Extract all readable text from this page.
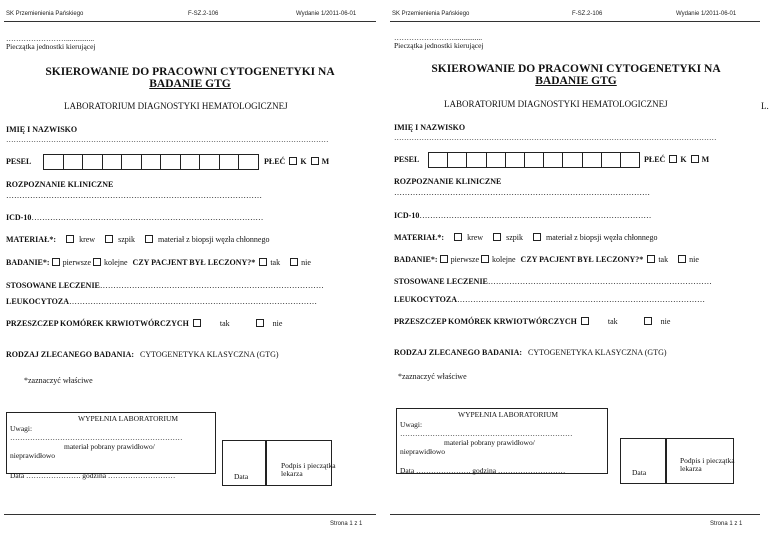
SK Przemienienia Pańskiego	F-SZ.2-106	Wydanie 1/2011-06-01
……………………...............
Pieczątka jednostki kierującej
SKIEROWANIE DO PRACOWNI CYTOGENETYKI NA
BADANIE GTG
LABORATORIUM DIAGNOSTYKI HEMATOLOGICZNEJ
IMIĘ I NAZWISKO
…………………………………………………………………………………………………………………
PESEL	PŁEĆ K M
ROZPOZNANIE KLINICZNE
……………………………………………………………………………………
ICD-10……………………………………………………………………………
MATERIAŁ*:	krew	szpik	materiał z biopsji węzła chłonnego
BADANIE*: pierwsze kolejne CZY PACJENT BYŁ LECZONY?* tak	nie
STOSOWANE LECZENIE…………………………………………………………………………
LEUKOCYTOZA…………………………………………………………………………………
PRZESZCZEP KOMÓREK KRWIOTWÓRCZYCH	tak	nie
RODZAJ ZLECANEGO BADANIA: CYTOGENETYKA KLASYCZNA (GTG)
*zaznaczyć właściwe
WYPEŁNIA LABORATORIUM
Uwagi:
……………………………………………………………
materiał pobrany prawidłowo/
nieprawidłowo
Data …………………. godzina ………………………	Data
Podpis i pieczątka
lekarza
Strona 1 z 1
SK Przemienienia Pańskiego	F-SZ.2-106	Wydanie 1/2011-06-01
……………………...............
Pieczątka jednostki kierującej
SKIEROWANIE DO PRACOWNI CYTOGENETYKI NA
BADANIE GTG
LABORATORIUM DIAGNOSTYKI HEMATOLOGICZNEJ	L.
IMIĘ I NAZWISKO
…………………………………………………………………………………………………………………
PESEL	PŁEĆ K M
ROZPOZNANIE KLINICZNE
……………………………………………………………………………………
ICD-10……………………………………………………………………………
MATERIAŁ*:	krew	szpik	materiał z biopsji węzła chłonnego
BADANIE*: pierwsze kolejne CZY PACJENT BYŁ LECZONY?* tak	nie
STOSOWANE LECZENIE…………………………………………………………………………
LEUKOCYTOZA…………………………………………………………………………………
PRZESZCZEP KOMÓREK KRWIOTWÓRCZYCH	tak	nie
RODZAJ ZLECANEGO BADANIA: CYTOGENETYKA KLASYCZNA (GTG)
*zaznaczyć właściwe
WYPEŁNIA LABORATORIUM
Uwagi:
……………………………………………………………
materiał pobrany prawidłowo/
nieprawidłowo
Data …………………. godzina ………………………	Data
Podpis i pieczątka
lekarza
Strona 1 z 1
